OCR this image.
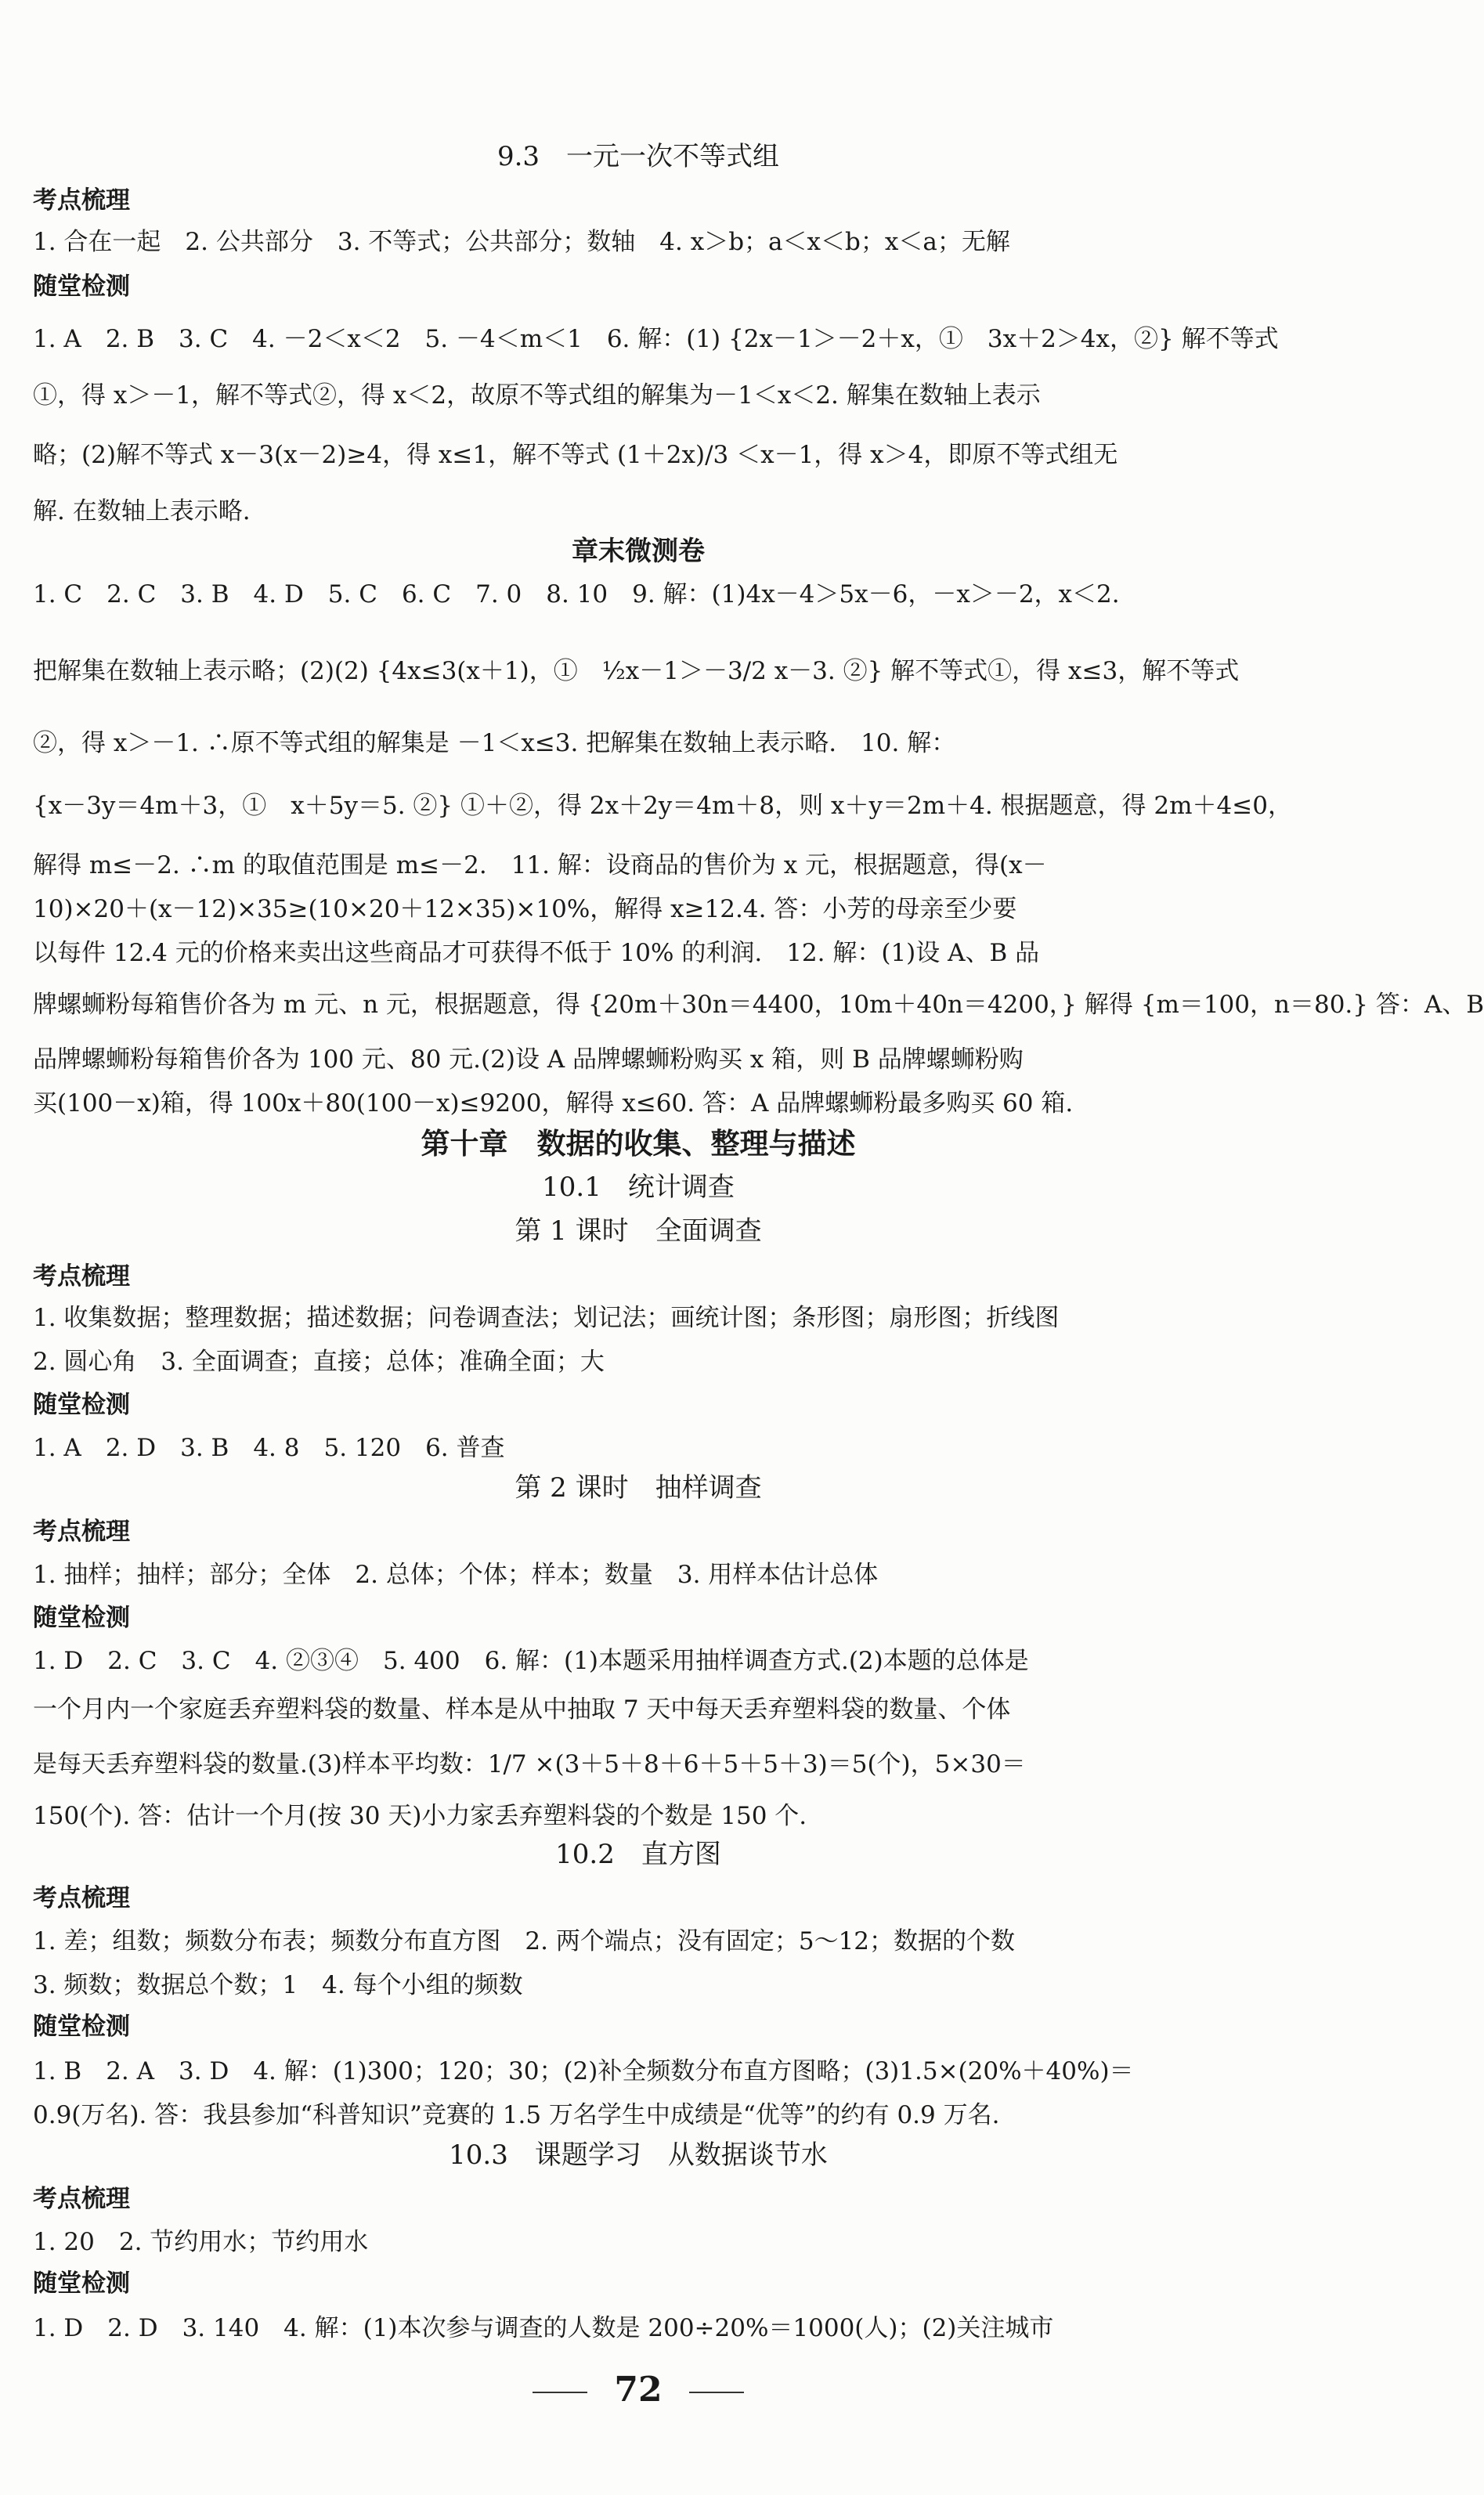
9.3　一元一次不等式组
考点梳理
1. 合在一起　2. 公共部分　3. 不等式；公共部分；数轴　4. x＞b；a＜x＜b；x＜a；无解
随堂检测
1. A　2. B　3. C　4. －2＜x＜2　5. －4＜m＜1　6. 解：(1) {2x－1＞－2＋x，①　3x＋2＞4x，②} 解不等式
①，得 x＞－1，解不等式②，得 x＜2，故原不等式组的解集为－1＜x＜2. 解集在数轴上表示
略；(2)解不等式 x－3(x－2)≥4，得 x≤1，解不等式 (1＋2x)/3 ＜x－1，得 x＞4，即原不等式组无
解. 在数轴上表示略.
章末微测卷
1. C　2. C　3. B　4. D　5. C　6. C　7. 0　8. 10　9. 解：(1)4x－4＞5x－6，－x＞－2，x＜2.
把解集在数轴上表示略；(2)(2) {4x≤3(x＋1)，①　½x－1＞－3/2 x－3. ②} 解不等式①，得 x≤3，解不等式
②，得 x＞－1. ∴原不等式组的解集是 －1＜x≤3. 把解集在数轴上表示略.　10. 解：
{x－3y＝4m＋3，①　x＋5y＝5. ②} ①＋②，得 2x＋2y＝4m＋8，则 x＋y＝2m＋4. 根据题意，得 2m＋4≤0，
解得 m≤－2. ∴m 的取值范围是 m≤－2.　11. 解：设商品的售价为 x 元，根据题意，得(x－
10)×20＋(x－12)×35≥(10×20＋12×35)×10%，解得 x≥12.4. 答：小芳的母亲至少要
以每件 12.4 元的价格来卖出这些商品才可获得不低于 10% 的利润.　12. 解：(1)设 A、B 品
牌螺蛳粉每箱售价各为 m 元、n 元，根据题意，得 {20m＋30n＝4400，10m＋40n＝4200，} 解得 {m＝100，n＝80.} 答：A、B
品牌螺蛳粉每箱售价各为 100 元、80 元.(2)设 A 品牌螺蛳粉购买 x 箱，则 B 品牌螺蛳粉购
买(100－x)箱，得 100x＋80(100－x)≤9200，解得 x≤60. 答：A 品牌螺蛳粉最多购买 60 箱.
第十章　数据的收集、整理与描述
10.1　统计调查
第 1 课时　全面调查
考点梳理
1. 收集数据；整理数据；描述数据；问卷调查法；划记法；画统计图；条形图；扇形图；折线图
2. 圆心角　3. 全面调查；直接；总体；准确全面；大
随堂检测
1. A　2. D　3. B　4. 8　5. 120　6. 普查
第 2 课时　抽样调查
考点梳理
1. 抽样；抽样；部分；全体　2. 总体；个体；样本；数量　3. 用样本估计总体
随堂检测
1. D　2. C　3. C　4. ②③④　5. 400　6. 解：(1)本题采用抽样调查方式.(2)本题的总体是
一个月内一个家庭丢弃塑料袋的数量、样本是从中抽取 7 天中每天丢弃塑料袋的数量、个体
是每天丢弃塑料袋的数量.(3)样本平均数：1/7 ×(3＋5＋8＋6＋5＋5＋3)＝5(个)，5×30＝
150(个). 答：估计一个月(按 30 天)小力家丢弃塑料袋的个数是 150 个.
10.2　直方图
考点梳理
1. 差；组数；频数分布表；频数分布直方图　2. 两个端点；没有固定；5～12；数据的个数
3. 频数；数据总个数；1　4. 每个小组的频数
随堂检测
1. B　2. A　3. D　4. 解：(1)300；120；30；(2)补全频数分布直方图略；(3)1.5×(20%＋40%)＝
0.9(万名). 答：我县参加“科普知识”竞赛的 1.5 万名学生中成绩是“优等”的约有 0.9 万名.
10.3　课题学习　从数据谈节水
考点梳理
1. 20　2. 节约用水；节约用水
随堂检测
1. D　2. D　3. 140　4. 解：(1)本次参与调查的人数是 200÷20%＝1000(人)；(2)关注城市
72
